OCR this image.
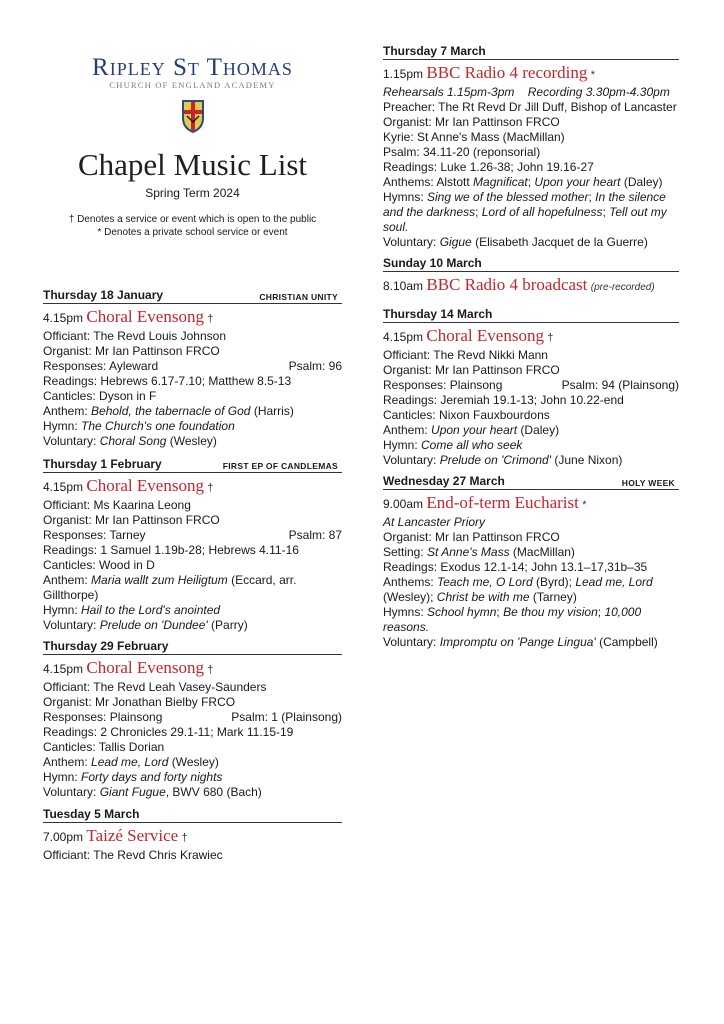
Ripley St Thomas
CHURCH OF ENGLAND ACADEMY
Chapel Music List
Spring Term 2024
† Denotes a service or event which is open to the public
* Denotes a private school service or event
Thursday 18 January	CHRISTIAN UNITY
4.15pm Choral Evensong †
Officiant: The Revd Louis Johnson
Organist: Mr Ian Pattinson FRCO
Responses: Ayleward	Psalm: 96
Readings: Hebrews 6.17-7.10; Matthew 8.5-13
Canticles: Dyson in F
Anthem: Behold, the tabernacle of God (Harris)
Hymn: The Church's one foundation
Voluntary: Choral Song (Wesley)
Thursday 1 February	FIRST EP OF CANDLEMAS
4.15pm Choral Evensong †
Officiant: Ms Kaarina Leong
Organist: Mr Ian Pattinson FRCO
Responses: Tarney	Psalm: 87
Readings: 1 Samuel 1.19b-28; Hebrews 4.11-16
Canticles: Wood in D
Anthem: Maria wallt zum Heiligtum (Eccard, arr. Gillthorpe)
Hymn: Hail to the Lord's anointed
Voluntary: Prelude on 'Dundee' (Parry)
Thursday 29 February
4.15pm Choral Evensong †
Officiant: The Revd Leah Vasey-Saunders
Organist: Mr Jonathan Bielby FRCO
Responses: Plainsong	Psalm: 1 (Plainsong)
Readings: 2 Chronicles 29.1-11; Mark 11.15-19
Canticles: Tallis Dorian
Anthem: Lead me, Lord (Wesley)
Hymn: Forty days and forty nights
Voluntary: Giant Fugue, BWV 680 (Bach)
Tuesday 5 March
7.00pm Taizé Service †
Officiant: The Revd Chris Krawiec
Thursday 7 March
1.15pm BBC Radio 4 recording *
Rehearsals 1.15pm-3pm    Recording 3.30pm-4.30pm
Preacher: The Rt Revd Dr Jill Duff, Bishop of Lancaster
Organist: Mr Ian Pattinson FRCO
Kyrie: St Anne's Mass (MacMillan)
Psalm: 34.11-20 (reponsorial)
Readings: Luke 1.26-38; John 19.16-27
Anthems: Alstott Magnificat; Upon your heart (Daley)
Hymns: Sing we of the blessed mother; In the silence and the darkness; Lord of all hopefulness; Tell out my soul.
Voluntary: Gigue (Elisabeth Jacquet de la Guerre)
Sunday 10 March
8.10am BBC Radio 4 broadcast (pre-recorded)
Thursday 14 March
4.15pm Choral Evensong †
Officiant: The Revd Nikki Mann
Organist: Mr Ian Pattinson FRCO
Responses: Plainsong	Psalm: 94 (Plainsong)
Readings: Jeremiah 19.1-13; John 10.22-end
Canticles: Nixon Fauxbourdons
Anthem: Upon your heart (Daley)
Hymn: Come all who seek
Voluntary: Prelude on 'Crimond' (June Nixon)
Wednesday 27 March	HOLY WEEK
9.00am End-of-term Eucharist *
At Lancaster Priory
Organist: Mr Ian Pattinson FRCO
Setting: St Anne's Mass (MacMillan)
Readings: Exodus 12.1-14; John 13.1–17,31b–35
Anthems: Teach me, O Lord (Byrd); Lead me, Lord (Wesley); Christ be with me (Tarney)
Hymns: School hymn; Be thou my vision; 10,000 reasons.
Voluntary: Impromptu on 'Pange Lingua' (Campbell)
